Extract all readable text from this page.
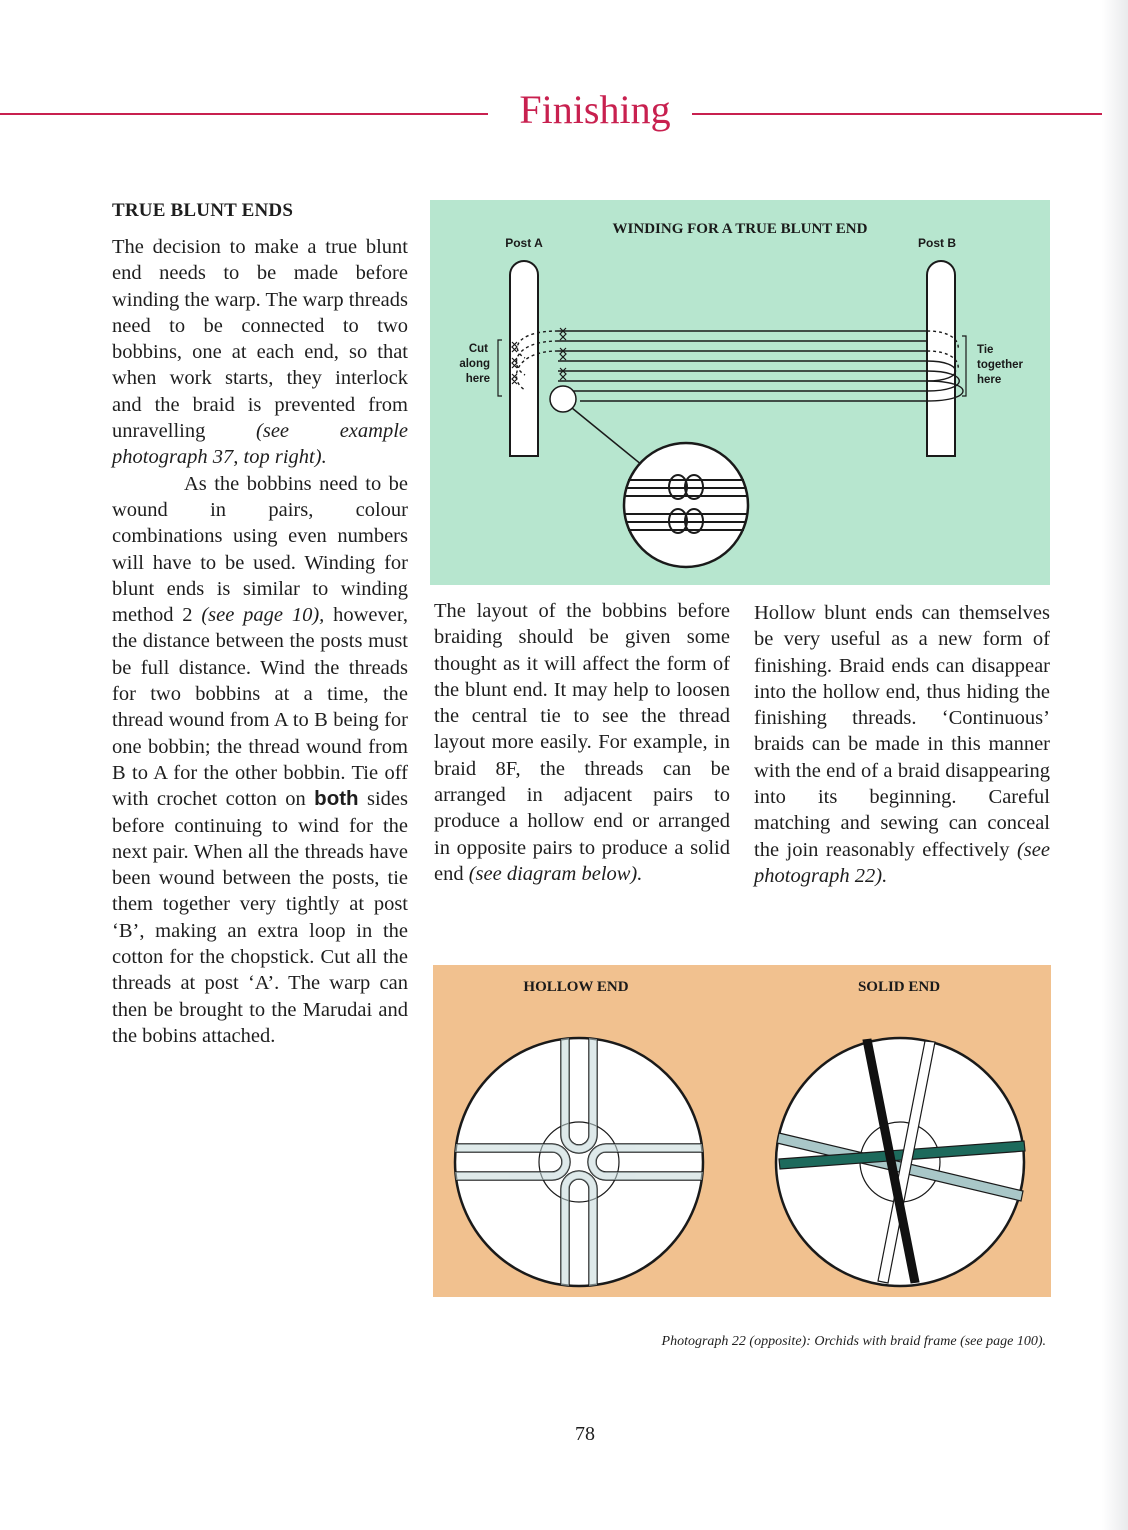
Finishing
TRUE BLUNT ENDS

The decision to make a true blunt end needs to be made before winding the warp. The warp threads need to be connected to two bobbins, one at each end, so that when work starts, they interlock and the braid is prevented from unravelling (see example photograph 37, top right).

As the bobbins need to be wound in pairs, colour combinations using even numbers will have to be used. Winding for blunt ends is similar to winding method 2 (see page 10), however, the distance between the posts must be full distance. Wind the threads for two bobbins at a time, the thread wound from A to B being for one bobbin; the thread wound from B to A for the other bobbin. Tie off with crochet cotton on both sides before continuing to wind for the next pair. When all the threads have been wound between the posts, tie them together very tightly at post ‘B’, making an extra loop in the cotton for the chopstick. Cut all the threads at post ‘A’. The warp can then be brought to the Marudai and the bobins attached.

WINDING FOR A TRUE BLUNT END
Post A	Post B
Cut
along
here
Tie
together
here

The layout of the bobbins before braiding should be given some thought as it will affect the form of the blunt end. It may help to loosen the central tie to see the thread layout more easily. For example, in braid 8F, the threads can be arranged in adjacent pairs to produce a hollow end or arranged in opposite pairs to produce a solid end (see diagram below).

Hollow blunt ends can themselves be very useful as a new form of finishing. Braid ends can disappear into the hollow end, thus hiding the finishing threads. ‘Continuous’ braids can be made in this manner with the end of a braid disappearing into its beginning. Careful matching and sewing can conceal the join reasonably effectively (see photograph 22).

HOLLOW END	SOLID END
Photograph 22 (opposite): Orchids with braid frame (see page 100).
78
